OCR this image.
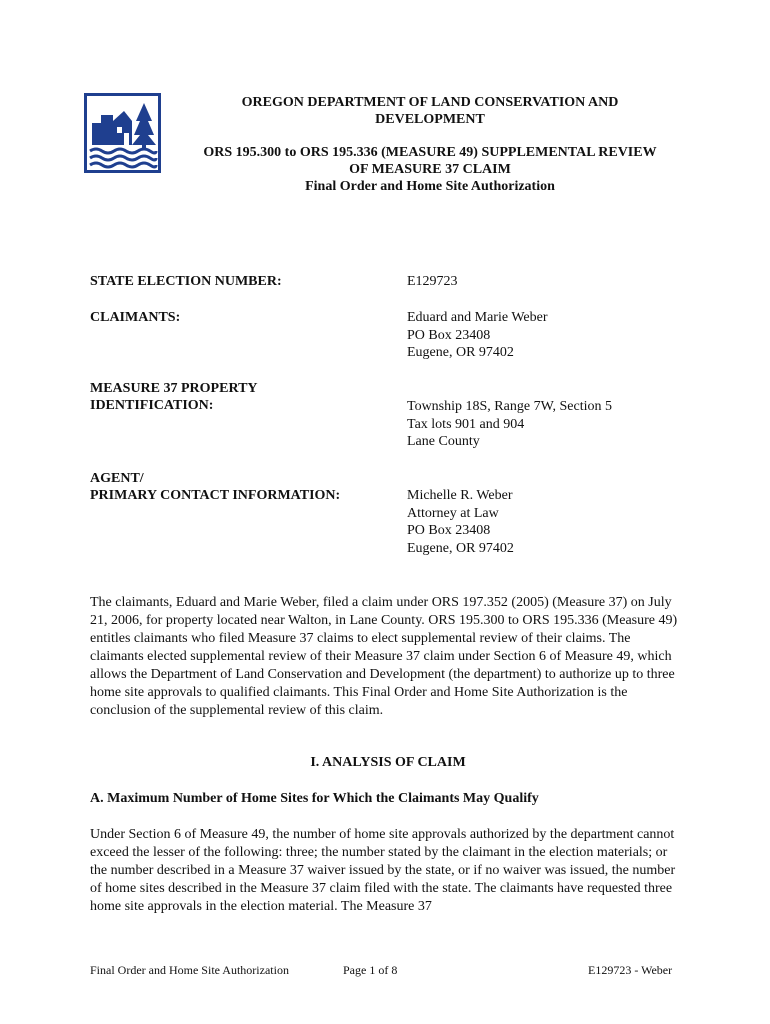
OREGON DEPARTMENT OF LAND CONSERVATION AND

DEVELOPMENT

ORS 195.300 to ORS 195.336 (MEASURE 49) SUPPLEMENTAL REVIEW

OF MEASURE 37 CLAIM

Final Order and Home Site Authorization

STATE ELECTION NUMBER:	E129723
CLAIMANTS:	Eduard and Marie Weber
PO Box 23408
Eugene, OR 97402
MEASURE 37 PROPERTY
IDENTIFICATION:	Township 18S, Range 7W, Section 5
Tax lots 901 and 904
Lane County
AGENT/
PRIMARY CONTACT INFORMATION:	Michelle R. Weber
Attorney at Law
PO Box 23408
Eugene, OR 97402

The claimants, Eduard and Marie Weber, filed a claim under ORS 197.352 (2005) (Measure 37) on July 21, 2006, for property located near Walton, in Lane County. ORS 195.300 to ORS 195.336 (Measure 49) entitles claimants who filed Measure 37 claims to elect supplemental review of their claims. The claimants elected supplemental review of their Measure 37 claim under Section 6 of Measure 49, which allows the Department of Land Conservation and Development (the department) to authorize up to three home site approvals to qualified claimants. This Final Order and Home Site Authorization is the conclusion of the supplemental review of this claim.

I. ANALYSIS OF CLAIM
A. Maximum Number of Home Sites for Which the Claimants May Qualify

Under Section 6 of Measure 49, the number of home site approvals authorized by the department cannot exceed the lesser of the following: three; the number stated by the claimant in the election materials; or the number described in a Measure 37 waiver issued by the state, or if no waiver was issued, the number of home sites described in the Measure 37 claim filed with the state. The claimants have requested three home site approvals in the election material. The Measure 37

Final Order and Home Site Authorization	Page 1 of 8	E129723 - Weber
